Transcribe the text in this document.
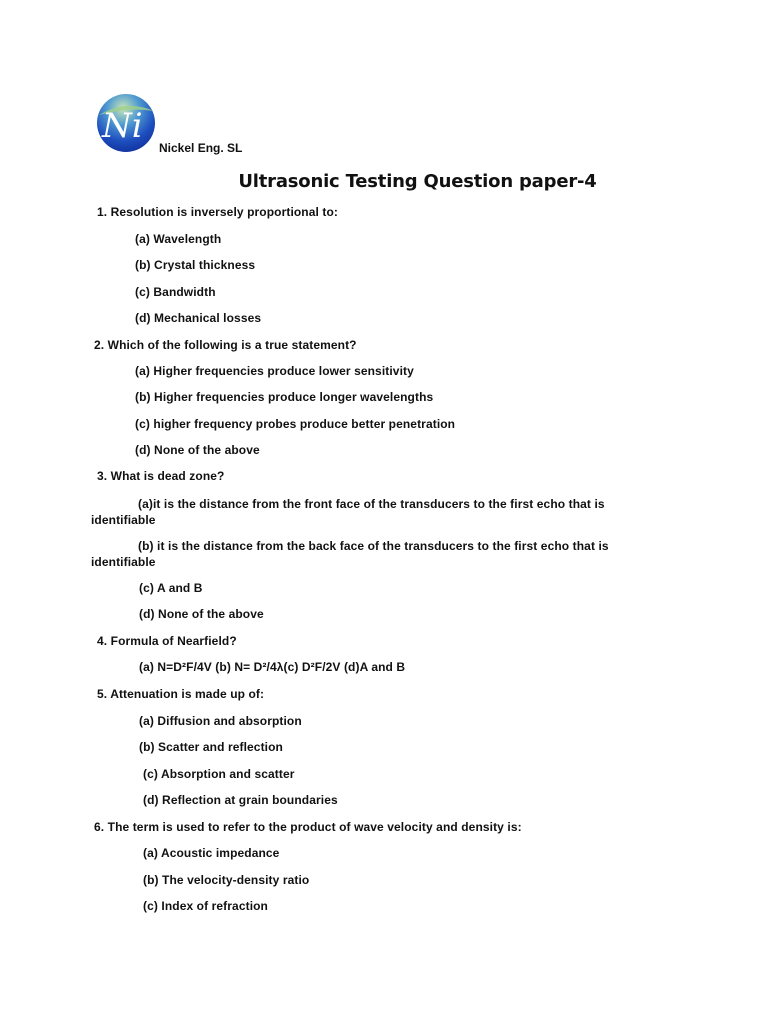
Ni
Nickel Eng. SL
Ultrasonic Testing Question paper-4
1. Resolution is inversely proportional to:
(a) Wavelength
(b) Crystal thickness
(c) Bandwidth
(d) Mechanical losses
2. Which of the following is a true statement?
(a) Higher frequencies produce lower sensitivity
(b) Higher frequencies produce longer wavelengths
(c) higher frequency probes produce better penetration
(d) None of the above
3. What is dead zone?
(a)it is the distance from the front face of the transducers to the first echo that is identifiable
(b) it is the distance from the back face of the transducers to the first echo that is identifiable
(c) A and B
(d) None of the above
4. Formula of Nearfield?
(a) N=D²F/4V (b) N= D²/4λ(c) D²F/2V (d)A and B
5. Attenuation is made up of:
(a) Diffusion and absorption
(b) Scatter and reflection
(c) Absorption and scatter
(d) Reflection at grain boundaries
6. The term is used to refer to the product of wave velocity and density is:
(a) Acoustic impedance
(b) The velocity-density ratio
(c) Index of refraction
